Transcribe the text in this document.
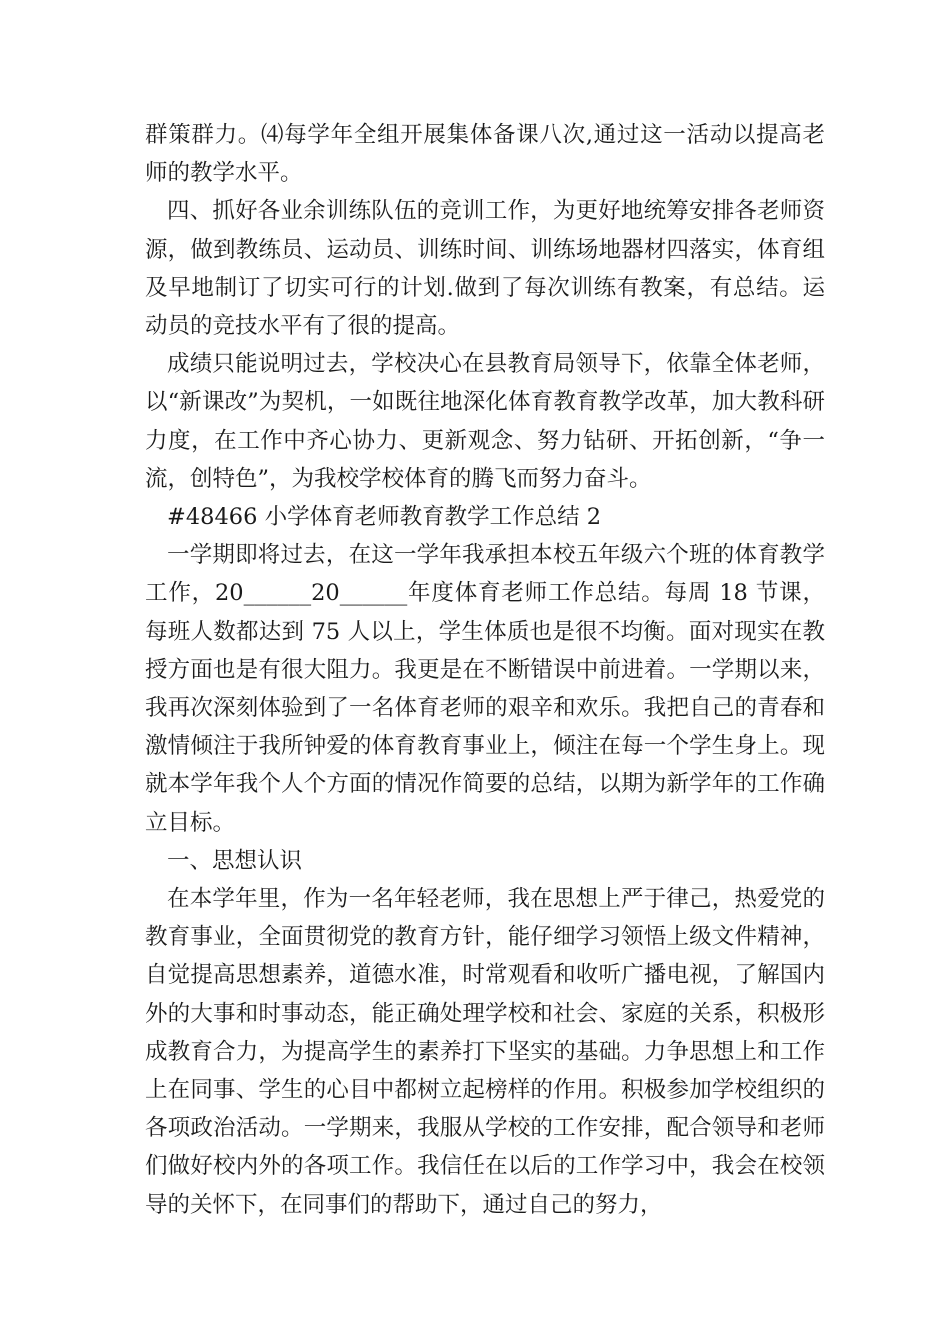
群策群力。⑷每学年全组开展集体备课八次,通过这一活动以提高老师的教学水平。

四、抓好各业余训练队伍的竞训工作，为更好地统筹安排各老师资源，做到教练员、运动员、训练时间、训练场地器材四落实，体育组及早地制订了切实可行的计划.做到了每次训练有教案，有总结。运动员的竞技水平有了很的提高。

成绩只能说明过去，学校决心在县教育局领导下，依靠全体老师，以“新课改”为契机，一如既往地深化体育教育教学改革，加大教科研力度，在工作中齐心协力、更新观念、努力钻研、开拓创新，“争一流，创特色”，为我校学校体育的腾飞而努力奋斗。

#48466 小学体育老师教育教学工作总结 2

一学期即将过去，在这一学年我承担本校五年级六个班的体育教学工作，20______20______年度体育老师工作总结。每周 18 节课，每班人数都达到 75 人以上，学生体质也是很不均衡。面对现实在教授方面也是有很大阻力。我更是在不断错误中前进着。一学期以来，我再次深刻体验到了一名体育老师的艰辛和欢乐。我把自己的青春和激情倾注于我所钟爱的体育教育事业上，倾注在每一个学生身上。现就本学年我个人个方面的情况作简要的总结，以期为新学年的工作确立目标。

一、思想认识

在本学年里，作为一名年轻老师，我在思想上严于律己，热爱党的教育事业，全面贯彻党的教育方针，能仔细学习领悟上级文件精神，自觉提高思想素养，道德水准，时常观看和收听广播电视，了解国内外的大事和时事动态，能正确处理学校和社会、家庭的关系，积极形成教育合力，为提高学生的素养打下坚实的基础。力争思想上和工作上在同事、学生的心目中都树立起榜样的作用。积极参加学校组织的各项政治活动。一学期来，我服从学校的工作安排，配合领导和老师们做好校内外的各项工作。我信任在以后的工作学习中，我会在校领导的关怀下，在同事们的帮助下，通过自己的努力，
